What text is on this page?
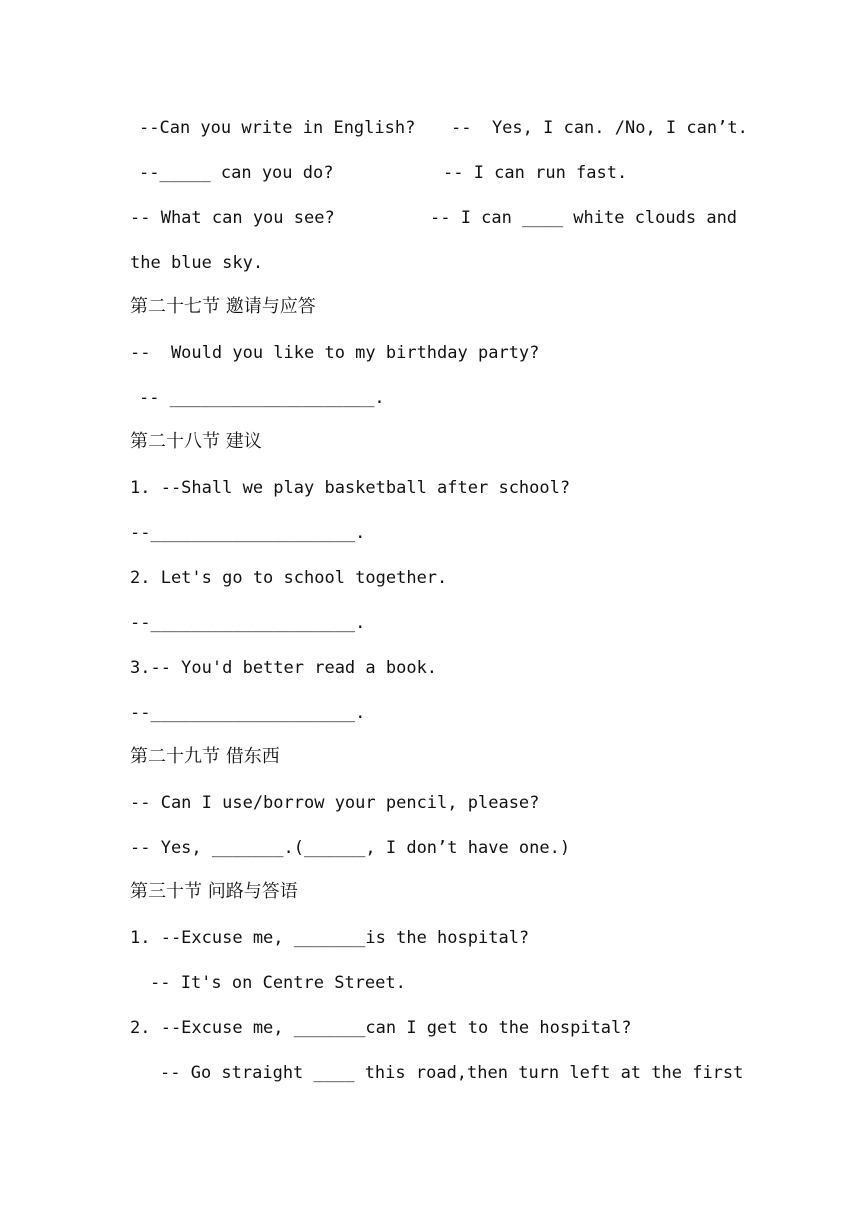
--Can you write in English? --  Yes, I can. /No, I can’t.
--_____ can you do?	-- I can run fast.
-- What can you see?	-- I can ____ white clouds and
the blue sky.
第二十七节 邀请与应答
--  Would you like to my birthday party?
-- ____________________.
第二十八节 建议
1. --Shall we play basketball after school?
--____________________.
2. Let's go to school together.
--____________________.
3.-- You'd better read a book.
--____________________.
第二十九节 借东西
-- Can I use/borrow your pencil, please?
-- Yes, _______.(______, I don’t have one.)
第三十节 问路与答语
1. --Excuse me, _______is the hospital?
-- It's on Centre Street.
2. --Excuse me, _______can I get to the hospital?
-- Go straight ____ this road,then turn left at the first
